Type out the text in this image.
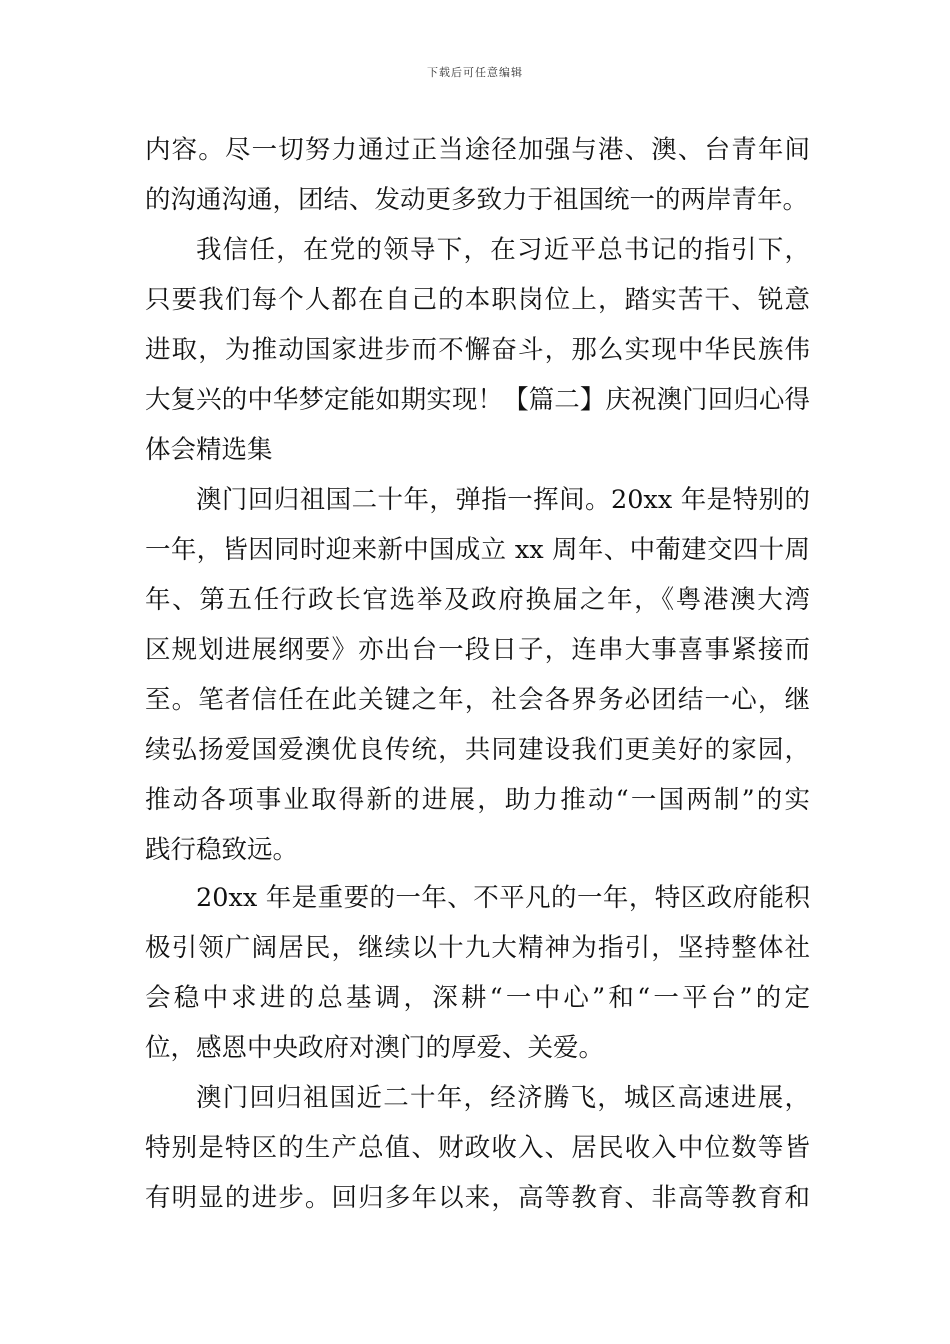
下载后可任意编辑
内容。尽一切努力通过正当途径加强与港、澳、台青年间
的沟通沟通，团结、发动更多致力于祖国统一的两岸青年。
我信任，在党的领导下，在习近平总书记的指引下，
只要我们每个人都在自己的本职岗位上，踏实苦干、锐意
进取，为推动国家进步而不懈奋斗，那么实现中华民族伟
大复兴的中华梦定能如期实现！【篇二】庆祝澳门回归心得
体会精选集
澳门回归祖国二十年，弹指一挥间。20xx 年是特别的
一年，皆因同时迎来新中国成立 xx 周年、中葡建交四十周
年、第五任行政长官选举及政府换届之年，《粤港澳大湾
区规划进展纲要》亦出台一段日子，连串大事喜事紧接而
至。笔者信任在此关键之年，社会各界务必团结一心，继
续弘扬爱国爱澳优良传统，共同建设我们更美好的家园，
推动各项事业取得新的进展，助力推动“一国两制”的实
践行稳致远。
20xx 年是重要的一年、不平凡的一年，特区政府能积
极引领广阔居民，继续以十九大精神为指引，坚持整体社
会稳中求进的总基调，深耕“一中心”和“一平台”的定
位，感恩中央政府对澳门的厚爱、关爱。
澳门回归祖国近二十年，经济腾飞，城区高速进展，
特别是特区的生产总值、财政收入、居民收入中位数等皆
有明显的进步。回归多年以来，高等教育、非高等教育和
